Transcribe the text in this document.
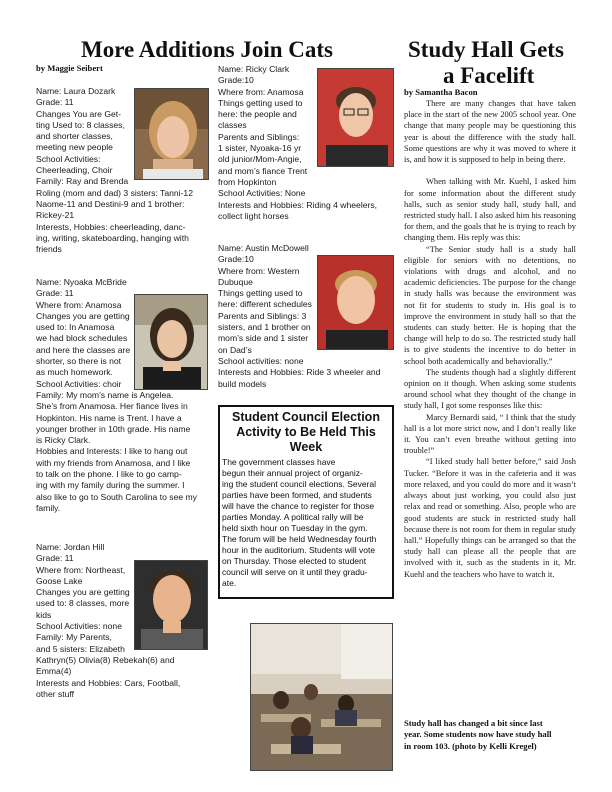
More Additions Join Cats	Study Hall Gets
a Facelift
by Maggie Seibert
by Samantha Bacon
Name: Laura Dozark
Grade: 11
Changes You are Get-
ting Used to: 8 classes,
and shorter classes,
meeting new people
School Activities:
Cheerleading, Choir
Family: Ray and Brenda
Roling (mom and dad) 3 sisters: Tanni-12
Naome-11 and Destini-9 and 1 brother:
Rickey-21
Interests, Hobbies: cheerleading, danc-
ing, writing, skateboarding, hanging with
friends
Name: Nyoaka McBride
Grade: 11
Where from: Anamosa
Changes you are getting
used to: In Anamosa
we had block schedules
and here the classes are
shorter, so there is not
as much homework.
School Activities: choir
Family: My mom’s name is Angelea.
She’s from Anamosa. Her fiance lives in
Hopkinton. His name is Trent. I have a
younger brother in 10th grade. His name
is Ricky Clark.
Hobbies and Interests: I like to hang out
with my friends from Anamosa, and I like
to talk on the phone. I like to go camp-
ing with my family during the summer. I
also like to go to South Carolina to see my
family.
Name: Jordan Hill
Grade: 11
Where from: Northeast,
Goose Lake
Changes you are getting
used to: 8 classes, more
kids
School Activities: none
Family: My Parents,
and 5 sisters: Elizabeth
Kathryn(5) Olivia(8) Rebekah(6) and
Emma(4)
Interests and Hobbies: Cars, Football,
other stuff
Name: Ricky Clark
Grade:10
Where from: Anamosa
Things getting used to
here: the people and
classes
Parents and Siblings:
1 sister, Nyoaka-16 yr
old junior/Mom-Angie,
and mom’s fiance Trent
from Hopkinton
School Activities: None
Interests and Hobbies: Riding 4 wheelers,
collect light horses
Name: Austin McDowell
Grade:10
Where from: Western
Dubuque
Things getting used to
here: different schedules
Parents and Siblings: 3
sisters, and 1 brother on
mom’s side and 1 sister
on Dad’s
School activities: none
Interests and Hobbies: Ride 3 wheeler and
build models
Student Council Election
Activity to Be Held This Week
The government classes have
begun their annual project of organiz-
ing the student council elections. Several
parties have been formed, and students
will have the chance to register for those
parties Monday. A political rally will be
held sixth hour on Tuesday in the gym.
The forum will be held Wednesday fourth
hour in the auditorium. Students will vote
on Thursday. Those elected to student
council will serve on it until they gradu-
ate.

There are many changes that have taken place in the start of the new 2005 school year. One change that many people may be questioning this year is about the difference with the study hall. Some questions are why it was moved to where it is, and how it is supposed to help in being there.

When talking with Mr. Kuehl, I asked him for some information about the different study halls, such as senior study hall, study hall, and restricted study hall. I also asked him his reasoning for them, and the goals that he is trying to reach by changing them. His reply was this:

“The Senior study hall is a study hall eligible for seniors with no detentions, no violations with drugs and alcohol, and no academic deficiencies. The purpose for the change in study halls was because the environment was not fit for students to study in. His goal is to improve the environment in study hall so that the students can study better. He is hoping that the change will help to do so. The restricted study hall is to give students the incentive to do better in school both academically and behaviorally.”

The students though had a slightly different opinion on it though. When asking some students around school what they thought of the change in study hall, I got some responses like this:

Marcy Bernardi said, “ I think that the study hall is a lot more strict now, and I don’t really like it. You can’t even breathe without getting into trouble!”

“I liked study hall better before,” said Josh Tucker. “Before it was in the cafeteria and it was more relaxed, and you could do more and it wasn’t always about just working, you could also just relax and read or something. Also, people who are good students are stuck in restricted study hall because there is not room for them in regular study hall.” Hopefully things can be arranged so that the study hall can please all the people that are involved with it, such as the students in it, Mr. Kuehl and the teachers who have to watch it.

Study hall has changed a bit since last
year. Some students now have study hall
in room 103. (photo by Kelli Kregel)
